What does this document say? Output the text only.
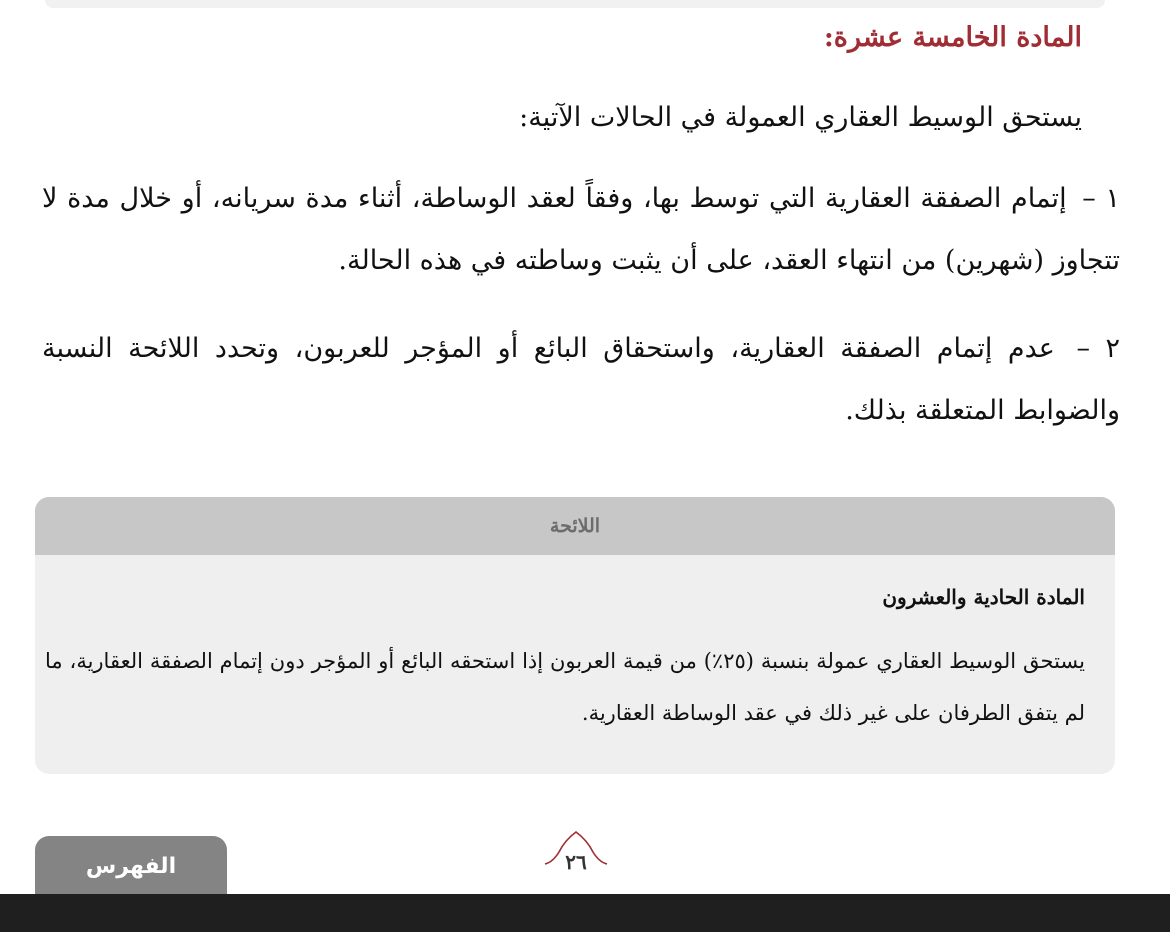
المادة الخامسة عشرة:

يستحق الوسيط العقاري العمولة في الحالات الآتية:

١ – إتمام الصفقة العقارية التي توسط بها، وفقاً لعقد الوساطة، أثناء مدة سريانه، أو خلال مدة لا تتجاوز (شهرين) من انتهاء العقد، على أن يثبت وساطته في هذه الحالة.

٢ – عدم إتمام الصفقة العقارية، واستحقاق البائع أو المؤجر للعربون، وتحدد اللائحة النسبة والضوابط المتعلقة بذلك.

اللائحة

المادة الحادية والعشرون

يستحق الوسيط العقاري عمولة بنسبة (٢٥٪) من قيمة العربون إذا استحقه البائع أو المؤجر دون إتمام الصفقة العقارية، ما لم يتفق الطرفان على غير ذلك في عقد الوساطة العقارية.

٢٦
الفهرس
